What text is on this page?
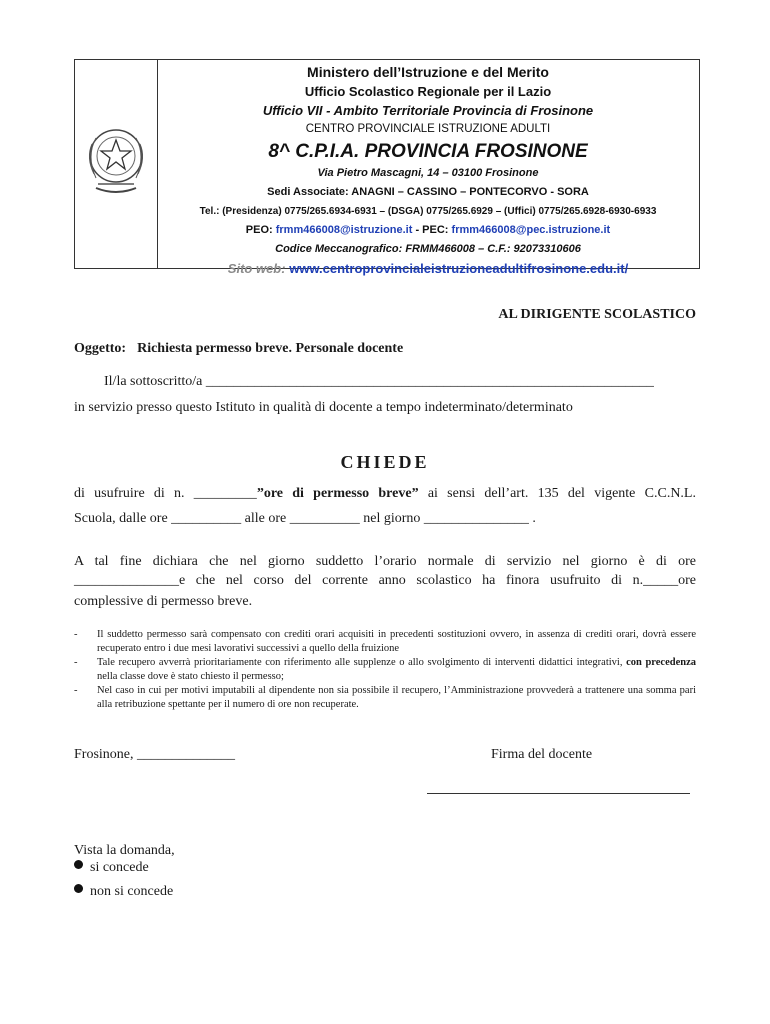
Ministero dell’Istruzione e del Merito
Ufficio Scolastico Regionale per il Lazio
Ufficio VII - Ambito Territoriale Provincia di Frosinone
CENTRO PROVINCIALE ISTRUZIONE ADULTI
8^ C.P.I.A. PROVINCIA FROSINONE
Via Pietro Mascagni, 14 – 03100 Frosinone
Sedi Associate: ANAGNI – CASSINO – PONTECORVO - SORA
Tel.: (Presidenza) 0775/265.6934-6931 – (DSGA) 0775/265.6929 – (Uffici) 0775/265.6928-6930-6933
PEO: frmm466008@istruzione.it - PEC: frmm466008@pec.istruzione.it
Codice Meccanografico: FRMM466008 – C.F.: 92073310606
Sito web: www.centroprovincialeistruzioneadultifrosinone.edu.it/
AL DIRIGENTE SCOLASTICO
Oggetto: Richiesta permesso breve. Personale docente
Il/la sottoscritto/a ________________________________________________________________
in servizio presso questo Istituto in qualità di docente a tempo indeterminato/determinato
CHIEDE
di usufruire di n. _________”ore di permesso breve” ai sensi dell’art. 135 del vigente C.C.N.L.
Scuola, dalle ore __________ alle ore __________ nel giorno _______________ .
A tal fine dichiara che nel giorno suddetto l’orario normale di servizio nel giorno è di ore
_______________e che nel corso del corrente anno scolastico ha finora usufruito di n._____ore
complessive di permesso breve.
- Il suddetto permesso sarà compensato con crediti orari acquisiti in precedenti sostituzioni ovvero, in assenza di crediti orari, dovrà essere recuperato entro i due mesi lavorativi successivi a quello della fruizione
- Tale recupero avverrà prioritariamente con riferimento alle supplenze o allo svolgimento di interventi didattici integrativi, con precedenza nella classe dove è stato chiesto il permesso;
- Nel caso in cui per motivi imputabili al dipendente non sia possibile il recupero, l’Amministrazione provvederà a trattenere una somma pari alla retribuzione spettante per il numero di ore non recuperate.
Frosinone, ______________	Firma del docente
Vista la domanda,
si concede
non si concede
